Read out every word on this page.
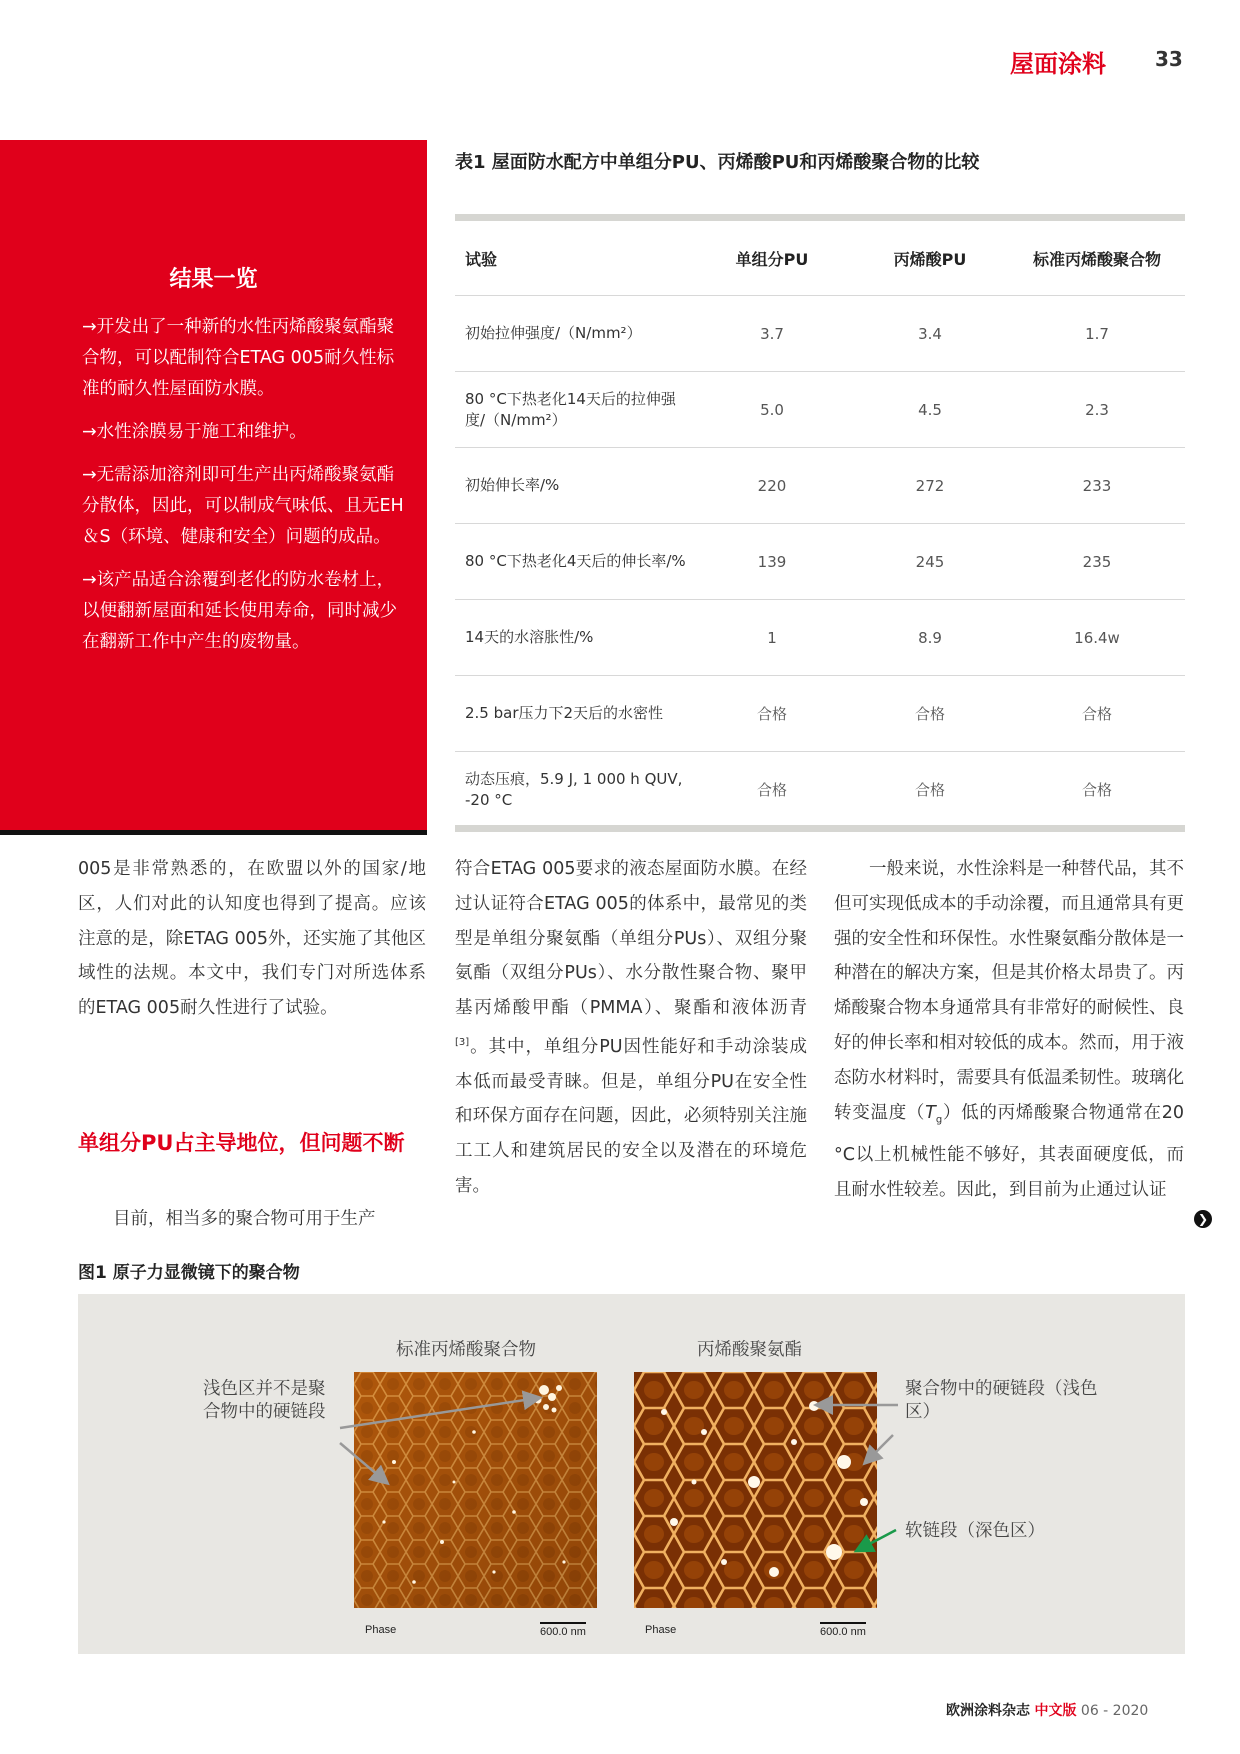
屋面涂料 33
结果一览

→开发出了一种新的水性丙烯酸聚氨酯聚合物，可以配制符合ETAG 005耐久性标准的耐久性屋面防水膜。

→水性涂膜易于施工和维护。

→无需添加溶剂即可生产出丙烯酸聚氨酯分散体，因此，可以制成气味低、且无EH＆S（环境、健康和安全）问题的成品。

→该产品适合涂覆到老化的防水卷材上，以便翻新屋面和延长使用寿命，同时减少在翻新工作中产生的废物量。

表1 屋面防水配方中单组分PU、丙烯酸PU和丙烯酸聚合物的比较
试验	单组分PU	丙烯酸PU	标准丙烯酸聚合物
初始拉伸强度/（N/mm²）	3.7	3.4	1.7
80 °C下热老化14天后的拉伸强度/（N/mm²）	5.0	4.5	2.3
初始伸长率/%	220	272	233
80 °C下热老化4天后的伸长率/%	139	245	235
14天的水溶胀性/%	1	8.9	16.4w
2.5 bar压力下2天后的水密性	合格	合格	合格
动态压痕，5.9 J, 1 000 h QUV, -20 °C	合格	合格	合格

005是非常熟悉的，在欧盟以外的国家/地区，人们对此的认知度也得到了提高。应该注意的是，除ETAG 005外，还实施了其他区域性的法规。本文中，我们专门对所选体系的ETAG 005耐久性进行了试验。

单组分PU占主导地位，但问题不断

目前，相当多的聚合物可用于生产

符合ETAG 005要求的液态屋面防水膜。在经过认证符合ETAG 005的体系中，最常见的类型是单组分聚氨酯（单组分PUs）、双组分聚氨酯（双组分PUs）、水分散性聚合物、聚甲基丙烯酸甲酯（PMMA）、聚酯和液体沥青[3]。其中，单组分PU因性能好和手动涂装成本低而最受青睐。但是，单组分PU在安全性和环保方面存在问题，因此，必须特别关注施工工人和建筑居民的安全以及潜在的环境危害。

一般来说，水性涂料是一种替代品，其不但可实现低成本的手动涂覆，而且通常具有更强的安全性和环保性。水性聚氨酯分散体是一种潜在的解决方案，但是其价格太昂贵了。丙烯酸聚合物本身通常具有非常好的耐候性、良好的伸长率和相对较低的成本。然而，用于液态防水材料时，需要具有低温柔韧性。玻璃化转变温度$(T_g)$低的丙烯酸聚合物通常在20 °C以上机械性能不够好，其表面硬度低，而且耐水性较差。因此，到目前为止通过认证

❯
图1 原子力显微镜下的聚合物
标准丙烯酸聚合物	丙烯酸聚氨酯
Phase	600.0 nm	Phase	600.0 nm
浅色区并不是聚合物中的硬链段
聚合物中的硬链段（浅色区）
软链段（深色区）
欧洲涂料杂志 中文版 06 - 2020
